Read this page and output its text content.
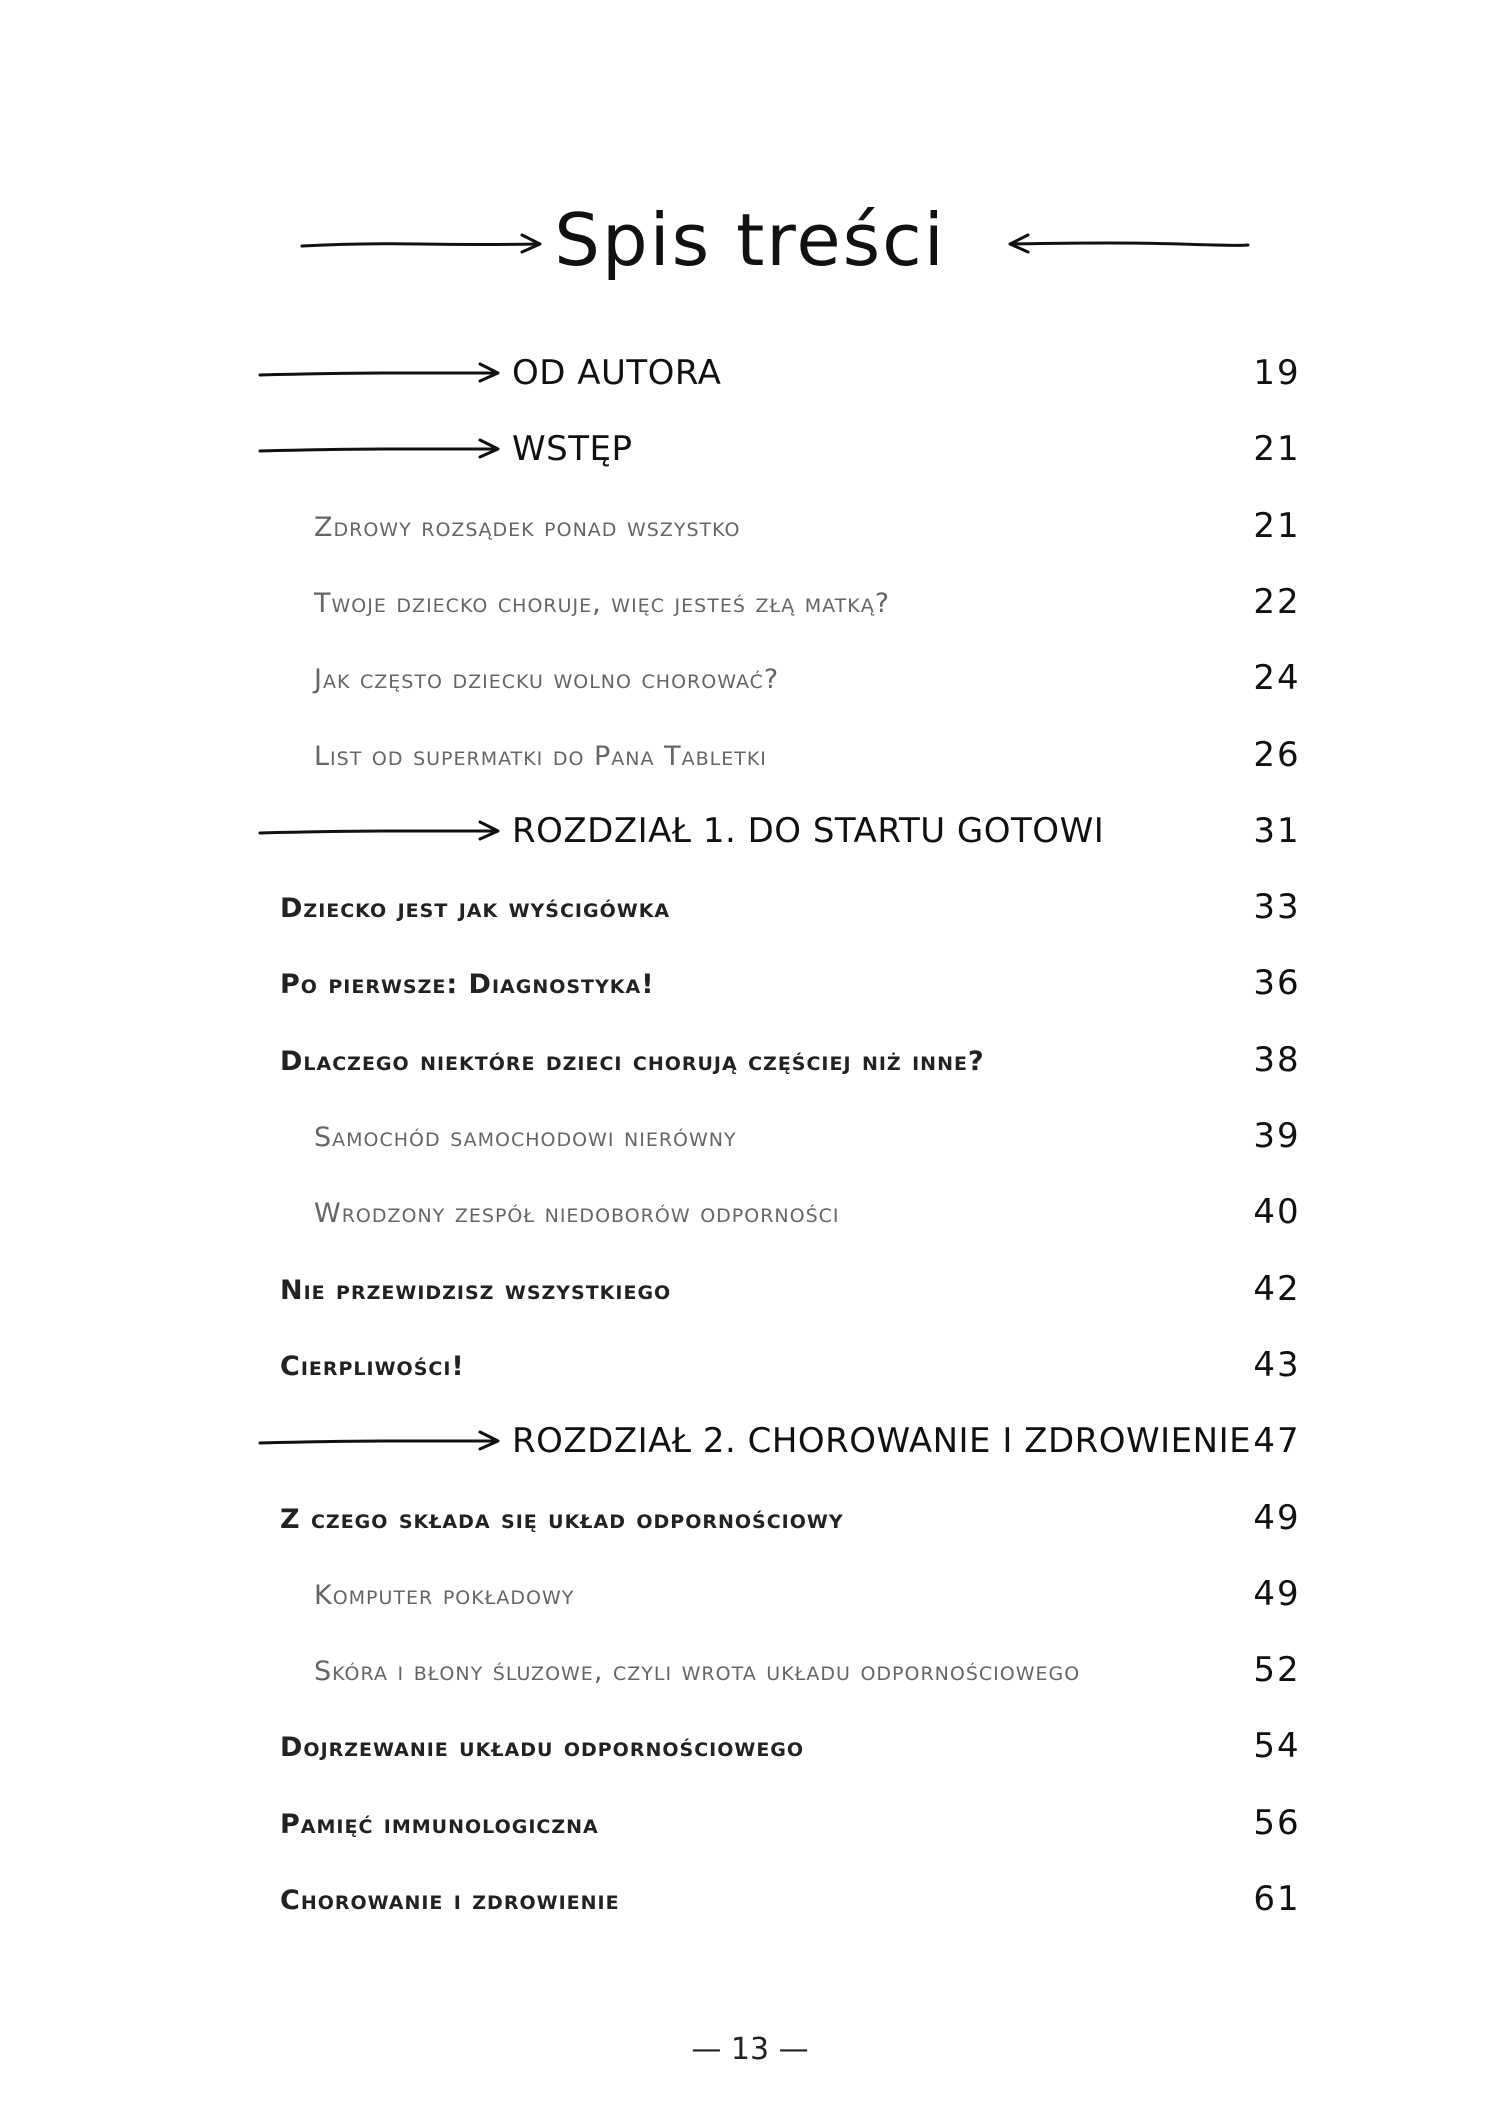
Spis treści
OD AUTORA	19
WSTĘP	21
Zdrowy rozsądek ponad wszystko	21
Twoje dziecko choruje, więc jesteś złą matką?	22
Jak często dziecku wolno chorować?	24
List od supermatki do Pana Tabletki	26
ROZDZIAŁ 1. DO STARTU GOTOWI	31
Dziecko jest jak wyścigówka	33
Po pierwsze: Diagnostyka!	36
Dlaczego niektóre dzieci chorują częściej niż inne?	38
Samochód samochodowi nierówny	39
Wrodzony zespół niedoborów odporności	40
Nie przewidzisz wszystkiego	42
Cierpliwości!	43
ROZDZIAŁ 2. CHOROWANIE I ZDROWIENIE 47
Z czego składa się układ odpornościowy	49
Komputer pokładowy	49
Skóra i błony śluzowe, czyli wrota układu odpornościowego	52
Dojrzewanie układu odpornościowego	54
Pamięć immunologiczna	56
Chorowanie i zdrowienie	61
— 13 —
